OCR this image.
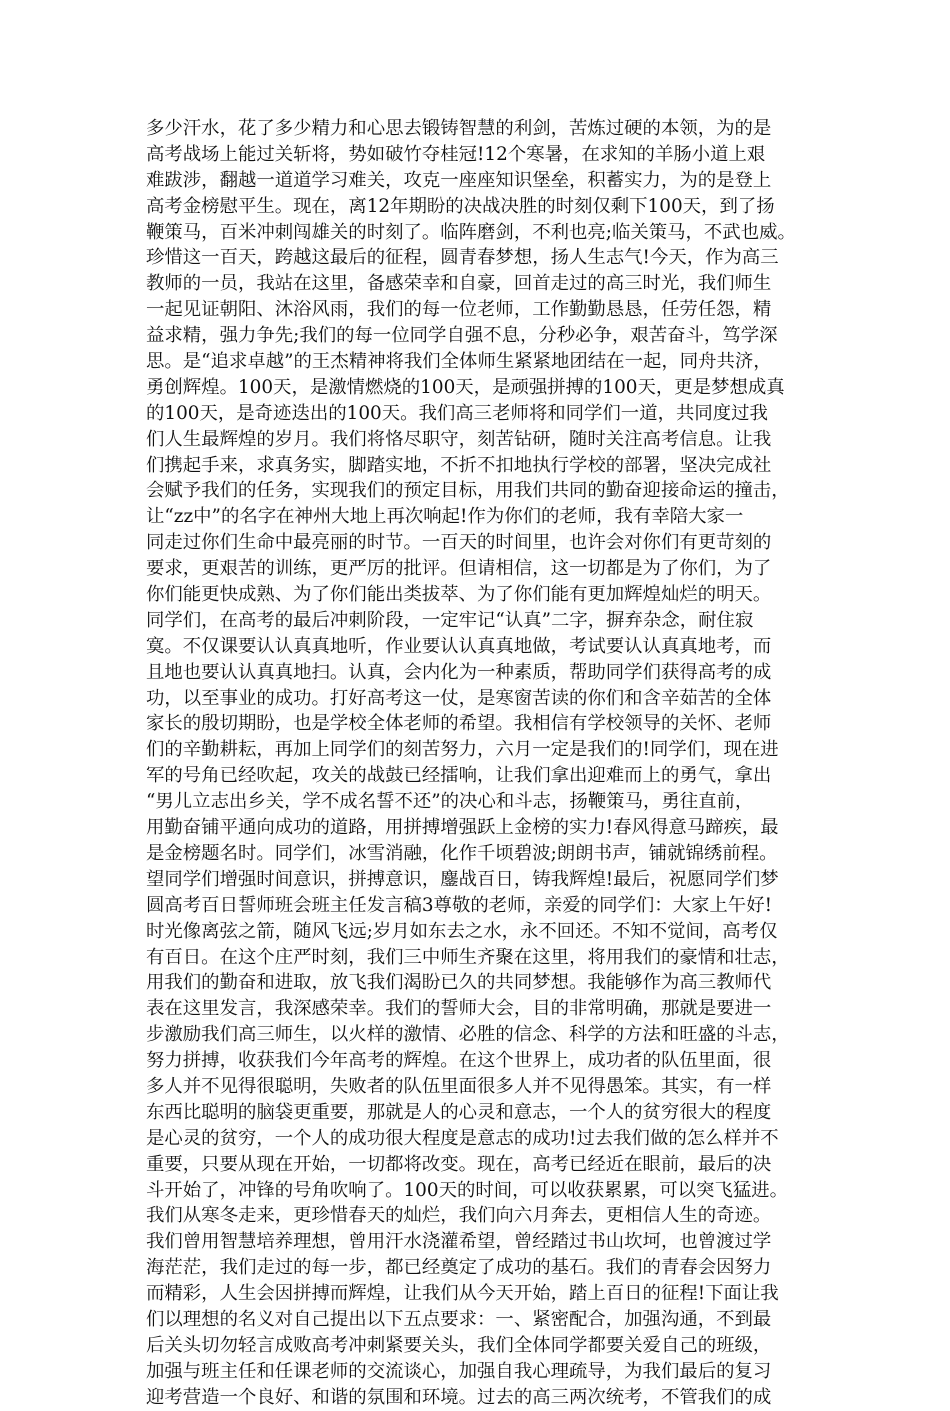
多少汗水，花了多少精力和心思去锻铸智慧的利剑，苦炼过硬的本领，为的是
高考战场上能过关斩将，势如破竹夺桂冠!12个寒暑，在求知的羊肠小道上艰
难跋涉，翻越一道道学习难关，攻克一座座知识堡垒，积蓄实力，为的是登上
高考金榜慰平生。现在，离12年期盼的决战决胜的时刻仅剩下100天，到了扬
鞭策马，百米冲刺闯雄关的时刻了。临阵磨剑，不利也亮;临关策马，不武也威。
珍惜这一百天，跨越这最后的征程，圆青春梦想，扬人生志气!今天，作为高三
教师的一员，我站在这里，备感荣幸和自豪，回首走过的高三时光，我们师生
一起见证朝阳、沐浴风雨，我们的每一位老师，工作勤勤恳恳，任劳任怨，精
益求精，强力争先;我们的每一位同学自强不息，分秒必争，艰苦奋斗，笃学深
思。是“追求卓越”的王杰精神将我们全体师生紧紧地团结在一起，同舟共济，
勇创辉煌。100天，是激情燃烧的100天，是顽强拼搏的100天，更是梦想成真
的100天，是奇迹迭出的100天。我们高三老师将和同学们一道，共同度过我
们人生最辉煌的岁月。我们将恪尽职守，刻苦钻研，随时关注高考信息。让我
们携起手来，求真务实，脚踏实地，不折不扣地执行学校的部署，坚决完成社
会赋予我们的任务，实现我们的预定目标，用我们共同的勤奋迎接命运的撞击，
让“zz中”的名字在神州大地上再次响起!作为你们的老师，我有幸陪大家一
同走过你们生命中最亮丽的时节。一百天的时间里，也许会对你们有更苛刻的
要求，更艰苦的训练，更严厉的批评。但请相信，这一切都是为了你们，为了
你们能更快成熟、为了你们能出类拔萃、为了你们能有更加辉煌灿烂的明天。
同学们，在高考的最后冲刺阶段，一定牢记“认真”二字，摒弃杂念，耐住寂
寞。不仅课要认认真真地听，作业要认认真真地做，考试要认认真真地考，而
且地也要认认真真地扫。认真，会内化为一种素质，帮助同学们获得高考的成
功，以至事业的成功。打好高考这一仗，是寒窗苦读的你们和含辛茹苦的全体
家长的殷切期盼，也是学校全体老师的希望。我相信有学校领导的关怀、老师
们的辛勤耕耘，再加上同学们的刻苦努力，六月一定是我们的!同学们，现在进
军的号角已经吹起，攻关的战鼓已经擂响，让我们拿出迎难而上的勇气，拿出
“男儿立志出乡关，学不成名誓不还”的决心和斗志，扬鞭策马，勇往直前，
用勤奋铺平通向成功的道路，用拼搏增强跃上金榜的实力!春风得意马蹄疾，最
是金榜题名时。同学们，冰雪消融，化作千顷碧波;朗朗书声，铺就锦绣前程。
望同学们增强时间意识，拼搏意识，鏖战百日，铸我辉煌!最后，祝愿同学们梦
圆高考百日誓师班会班主任发言稿3尊敬的老师，亲爱的同学们：大家上午好!
时光像离弦之箭，随风飞远;岁月如东去之水，永不回还。不知不觉间，高考仅
有百日。在这个庄严时刻，我们三中师生齐聚在这里，将用我们的豪情和壮志，
用我们的勤奋和进取，放飞我们渴盼已久的共同梦想。我能够作为高三教师代
表在这里发言，我深感荣幸。我们的誓师大会，目的非常明确，那就是要进一
步激励我们高三师生，以火样的激情、必胜的信念、科学的方法和旺盛的斗志，
努力拼搏，收获我们今年高考的辉煌。在这个世界上，成功者的队伍里面，很
多人并不见得很聪明，失败者的队伍里面很多人并不见得愚笨。其实，有一样
东西比聪明的脑袋更重要，那就是人的心灵和意志，一个人的贫穷很大的程度
是心灵的贫穷，一个人的成功很大程度是意志的成功!过去我们做的怎么样并不
重要，只要从现在开始，一切都将改变。现在，高考已经近在眼前，最后的决
斗开始了，冲锋的号角吹响了。100天的时间，可以收获累累，可以突飞猛进。
我们从寒冬走来，更珍惜春天的灿烂，我们向六月奔去，更相信人生的奇迹。
我们曾用智慧培养理想，曾用汗水浇灌希望，曾经踏过书山坎坷，也曾渡过学
海茫茫，我们走过的每一步，都已经奠定了成功的基石。我们的青春会因努力
而精彩，人生会因拼搏而辉煌，让我们从今天开始，踏上百日的征程!下面让我
们以理想的名义对自己提出以下五点要求：一、紧密配合，加强沟通，不到最
后关头切勿轻言成败高考冲刺紧要关头，我们全体同学都要关爱自己的班级，
加强与班主任和任课老师的交流谈心，加强自我心理疏导，为我们最后的复习
迎考营造一个良好、和谐的氛围和环境。过去的高三两次统考，不管我们的成
